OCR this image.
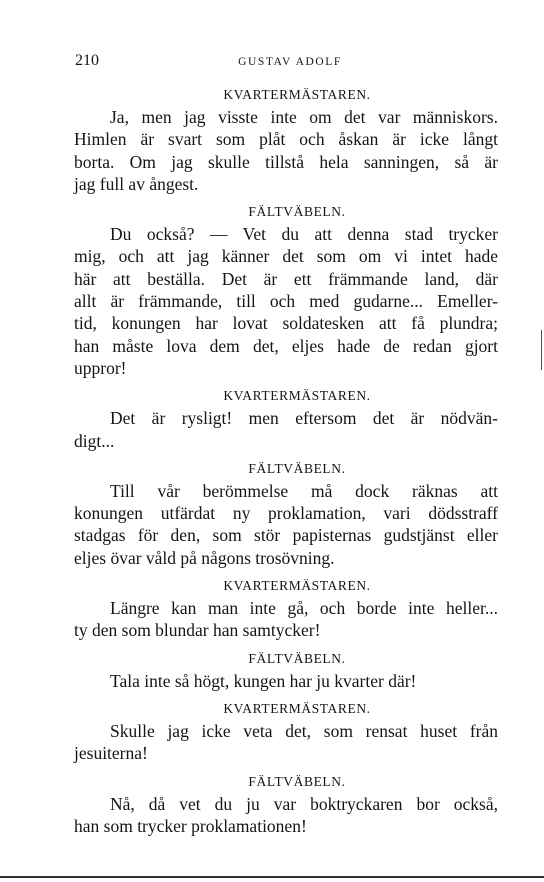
210	GUSTAV ADOLF
KVARTERMÄSTAREN.
Ja, men jag visste inte om det var människors.
Himlen är svart som plåt och åskan är icke långt
borta. Om jag skulle tillstå hela sanningen, så är
jag full av ångest.
FÄLTVÄBELN.
Du också? — Vet du att denna stad trycker
mig, och att jag känner det som om vi intet hade
här att beställa. Det är ett främmande land, där
allt är främmande, till och med gudarne... Emeller-
tid, konungen har lovat soldatesken att få plundra;
han måste lova dem det, eljes hade de redan gjort
uppror!
KVARTERMÄSTAREN.
Det är rysligt! men eftersom det är nödvän-
digt...
FÄLTVÄBELN.
Till vår berömmelse må dock räknas att
konungen utfärdat ny proklamation, vari dödsstraff
stadgas för den, som stör papisternas gudstjänst eller
eljes övar våld på någons trosövning.
KVARTERMÄSTAREN.
Längre kan man inte gå, och borde inte heller...
ty den som blundar han samtycker!
FÄLTVÄBELN.
Tala inte så högt, kungen har ju kvarter där!
KVARTERMÄSTAREN.
Skulle jag icke veta det, som rensat huset från
jesuiterna!
FÄLTVÄBELN.
Nå, då vet du ju var boktryckaren bor också,
han som trycker proklamationen!
